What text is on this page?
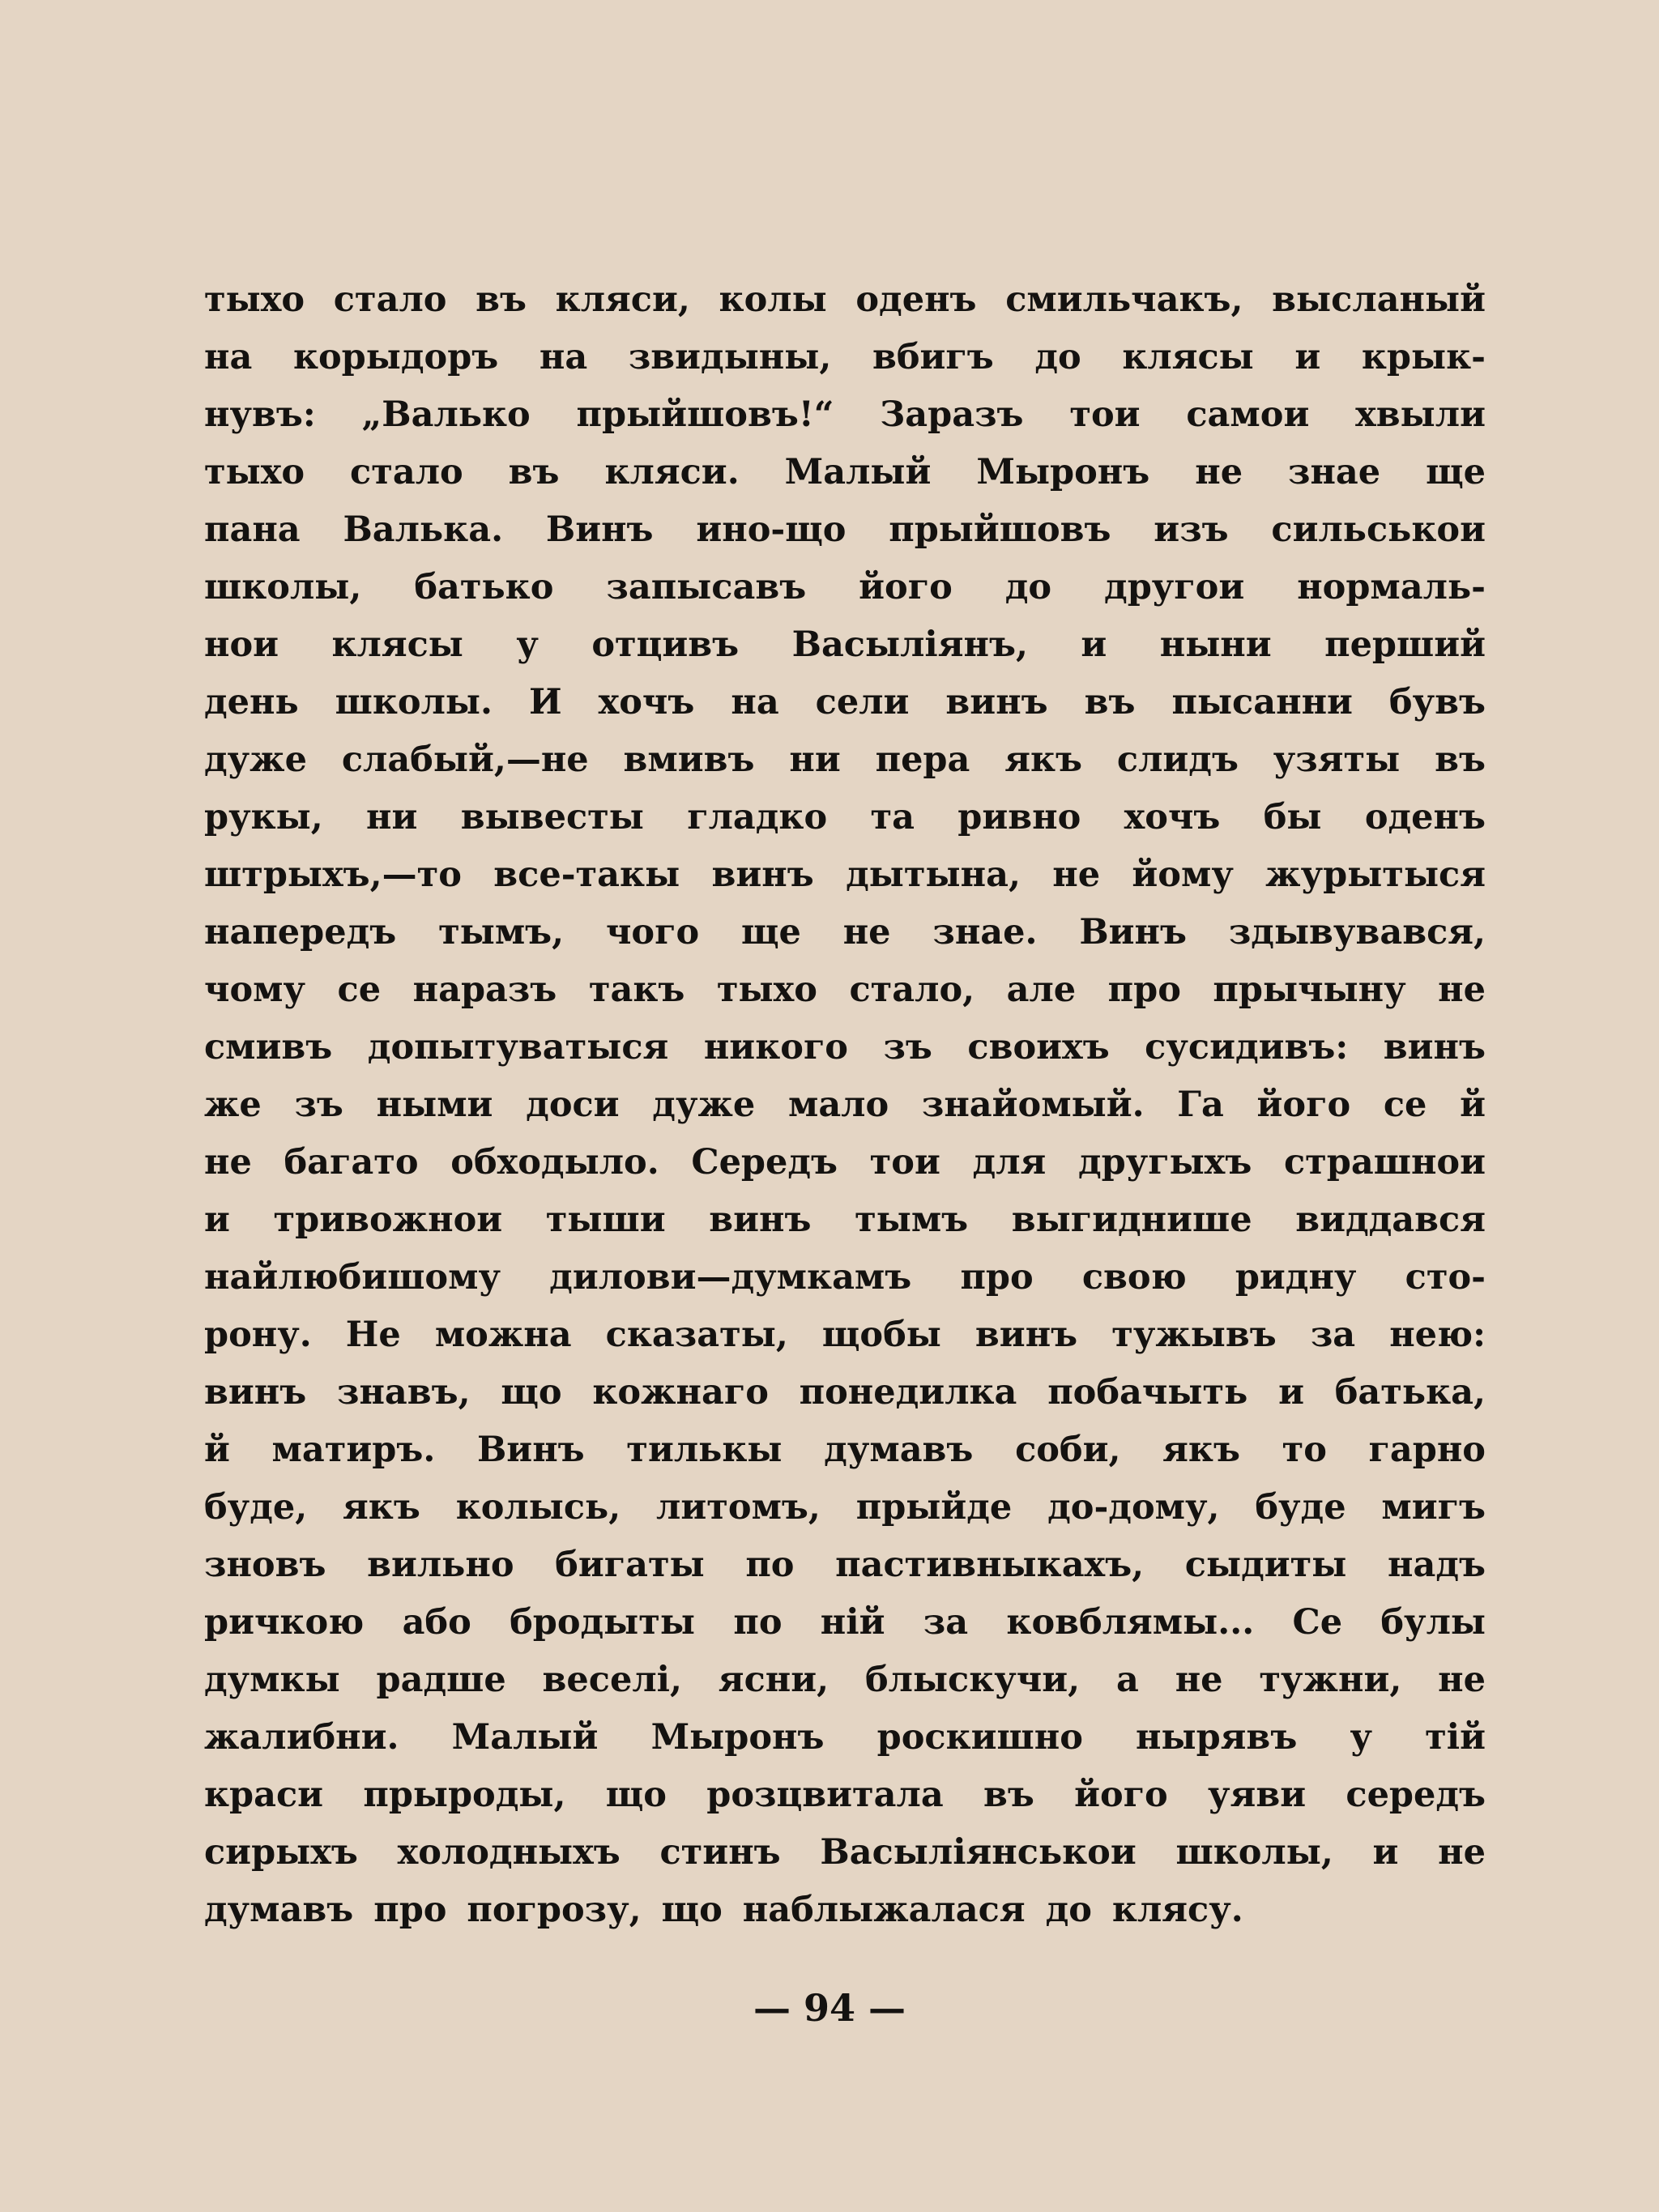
тыхо стало въ кляси, колы оденъ смильчакъ, высланый
на корыдоръ на звидыны, вбигъ до клясы и крык-
нувъ: „Валько прыйшовъ!“ Заразъ тои самои хвыли
тыхо стало въ кляси. Малый Мыронъ не знае ще
пана Валька. Винъ ино-що прыйшовъ изъ сильськои
школы, батько запысавъ його до другои нормаль-
нои клясы у отцивъ Васыліянъ, и ныни перший
день школы. И хочъ на сели винъ въ пысанни бувъ
дуже слабый,—не вмивъ ни пера якъ слидъ узяты въ
рукы, ни вывесты гладко та ривно хочъ бы оденъ
штрыхъ,—то все-такы винъ дытына, не йому журытыся
напередъ тымъ, чого ще не знае. Винъ здывувався,
чому се наразъ такъ тыхо стало, але про прычыну не
смивъ допытуватыся никого зъ своихъ сусидивъ: винъ
же зъ ными доси дуже мало знайомый. Га його се й
не багато обходыло. Середъ тои для другыхъ страшнои
и тривожнои тыши винъ тымъ выгиднише виддався
найлюбишому дилови—думкамъ про свою ридну сто-
рону. Не можна сказаты, щобы винъ тужывъ за нею:
винъ знавъ, що кожнаго понедилка побачыть и батька,
й матиръ. Винъ тилькы думавъ соби, якъ то гарно
буде, якъ колысь, литомъ, прыйде до-дому, буде мигъ
зновъ вильно бигаты по пастивныкахъ, сыдиты надъ
ричкою або бродыты по ній за ковблямы... Се булы
думкы радше веселі, ясни, блыскучи, а не тужни, не
жалибни. Малый Мыронъ роскишно нырявъ у тій
краси прыроды, що розцвитала въ його уяви середъ
сирыхъ холодныхъ стинъ Васыліянськои школы, и не
думавъ про погрозу, що наблыжалася до клясу.
— 94 —
